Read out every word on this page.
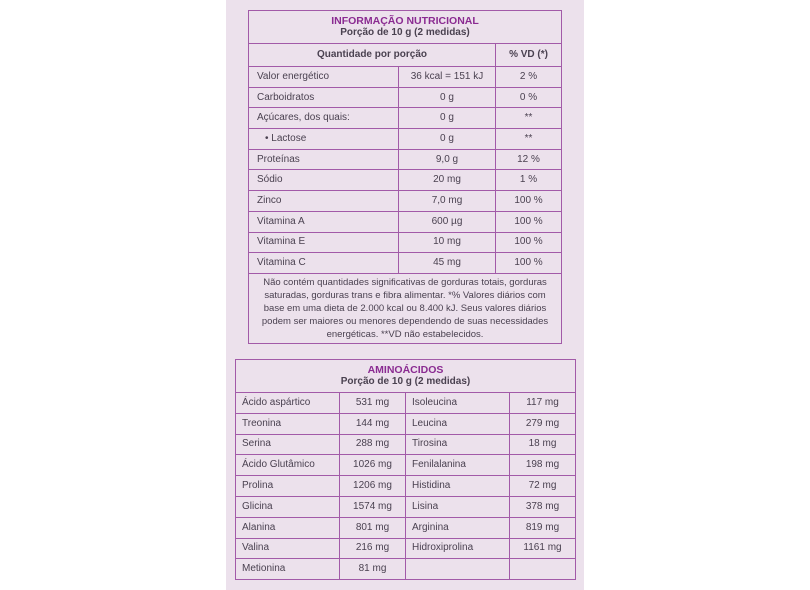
INFORMAÇÃO NUTRICIONAL
Porção de 10 g (2 medidas)		

Quantidade por porção		% VD (*)
Valor energético	36 kcal = 151 kJ	2 %
Carboidratos	0 g	0 %
Açúcares, dos quais:	0 g	**
• Lactose	0 g	**
Proteínas	9,0 g	12 %
Sódio	20 mg	1 %
Zinco	7,0 mg	100 %
Vitamina A	600 µg	100 %
Vitamina E	10 mg	100 %
Vitamina C	45 mg	100 %
Não contém quantidades significativas de gorduras totais, gorduras saturadas, gorduras trans e fibra alimentar. *% Valores diários com base em uma dieta de 2.000 kcal ou 8.400 kJ. Seus valores diários podem ser maiores ou menores dependendo de suas necessidades energéticas. **VD não estabelecidos.		
AMINOÁCIDOS
Porção de 10 g (2 medidas)			

Ácido aspártico	531 mg	Isoleucina	117 mg
Treonina	144 mg	Leucina	279 mg
Serina	288 mg	Tirosina	18 mg
Ácido Glutâmico	1026 mg	Fenilalanina	198 mg
Prolina	1206 mg	Histidina	72 mg
Glicina	1574 mg	Lisina	378 mg
Alanina	801 mg	Arginina	819 mg
Valina	216 mg	Hidroxiprolina	1161 mg
Metionina	81 mg		
